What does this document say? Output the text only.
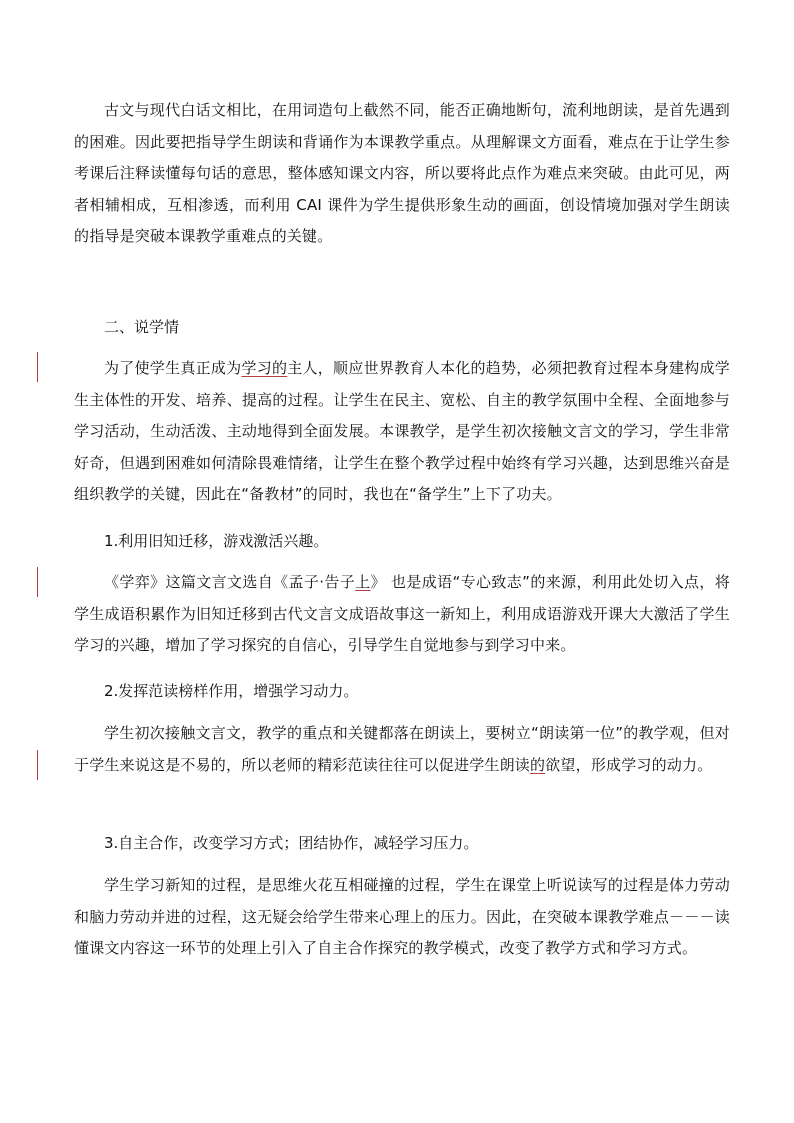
古文与现代白话文相比，在用词造句上截然不同，能否正确地断句，流利地朗读，是首先遇到的困难。因此要把指导学生朗读和背诵作为本课教学重点。从理解课文方面看，难点在于让学生参考课后注释读懂每句话的意思，整体感知课文内容，所以要将此点作为难点来突破。由此可见，两者相辅相成，互相渗透，而利用 CAI 课件为学生提供形象生动的画面，创设情境加强对学生朗读的指导是突破本课教学重难点的关键。

二、说学情

为了使学生真正成为学习的主人，顺应世界教育人本化的趋势，必须把教育过程本身建构成学生主体性的开发、培养、提高的过程。让学生在民主、宽松、自主的教学氛围中全程、全面地参与学习活动，生动活泼、主动地得到全面发展。本课教学，是学生初次接触文言文的学习，学生非常好奇，但遇到困难如何清除畏难情绪，让学生在整个教学过程中始终有学习兴趣，达到思维兴奋是组织教学的关键，因此在“备教材”的同时，我也在“备学生”上下了功夫。

1.利用旧知迁移，游戏激活兴趣。

《学弈》这篇文言文选自《孟子·告子上》 也是成语“专心致志”的来源，利用此处切入点，将学生成语积累作为旧知迁移到古代文言文成语故事这一新知上，利用成语游戏开课大大激活了学生学习的兴趣，增加了学习探究的自信心，引导学生自觉地参与到学习中来。

2.发挥范读榜样作用，增强学习动力。

学生初次接触文言文，教学的重点和关键都落在朗读上，要树立“朗读第一位”的教学观，但对于学生来说这是不易的，所以老师的精彩范读往往可以促进学生朗读的欲望，形成学习的动力。

3.自主合作，改变学习方式；团结协作，减轻学习压力。

学生学习新知的过程，是思维火花互相碰撞的过程，学生在课堂上听说读写的过程是体力劳动和脑力劳动并进的过程，这无疑会给学生带来心理上的压力。因此，在突破本课教学难点－－－读懂课文内容这一环节的处理上引入了自主合作探究的教学模式，改变了教学方式和学习方式。
